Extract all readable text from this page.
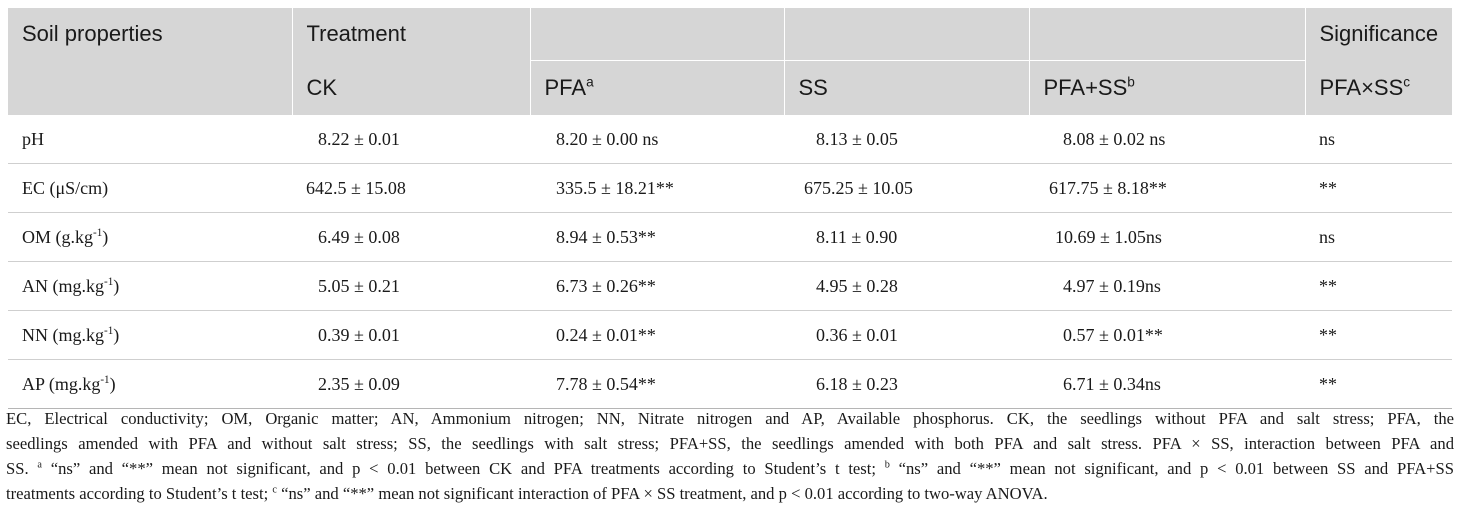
Soil properties	Treatment				Significance
	CK	PFA$^a$	SS	$PFA+SS^b$	$PFA\times SS^c$
pH	8.22 ± 0.01	8.20 ± 0.00 ns	8.13 ± 0.05	8.08 ± 0.02 ns	ns
EC (μS/cm)	642.5 ± 15.08	335.5 ± 18.21**	675.25 ± 10.05	617.75 ± 8.18**	**
OM $(g.kg^{-1})$	6.49 ± 0.08	8.94 ± 0.53**	8.11 ± 0.90	10.69 ± 1.05ns	ns
AN $(mg.kg^{-1})$	5.05 ± 0.21	6.73 ± 0.26**	4.95 ± 0.28	4.97 ± 0.19ns	**
NN $(mg.kg^{-1})$	0.39 ± 0.01	0.24 ± 0.01**	0.36 ± 0.01	0.57 ± 0.01**	**
AP $(mg.kg^{-1})$	2.35 ± 0.09	7.78 ± 0.54**	6.18 ± 0.23	6.71 ± 0.34ns	**
EC, Electrical conductivity; OM, Organic matter; AN, Ammonium nitrogen; NN, Nitrate nitrogen and AP, Available phosphorus. CK, the seedlings without PFA and salt stress; PFA, the
seedlings amended with PFA and without salt stress; SS, the seedlings with salt stress; PFA+SS, the seedlings amended with both PFA and salt stress. PFA × SS, interaction between PFA and
SS. $^a$ “ns” and “**” mean not significant, and p < 0.01 between CK and PFA treatments according to Student’s t test; $^b$ “ns” and “**” mean not significant, and p < 0.01 between SS and PFA+SS
treatments according to Student’s t test; $^c$ “ns” and “**” mean not significant interaction of PFA × SS treatment, and p < 0.01 according to two-way ANOVA.
